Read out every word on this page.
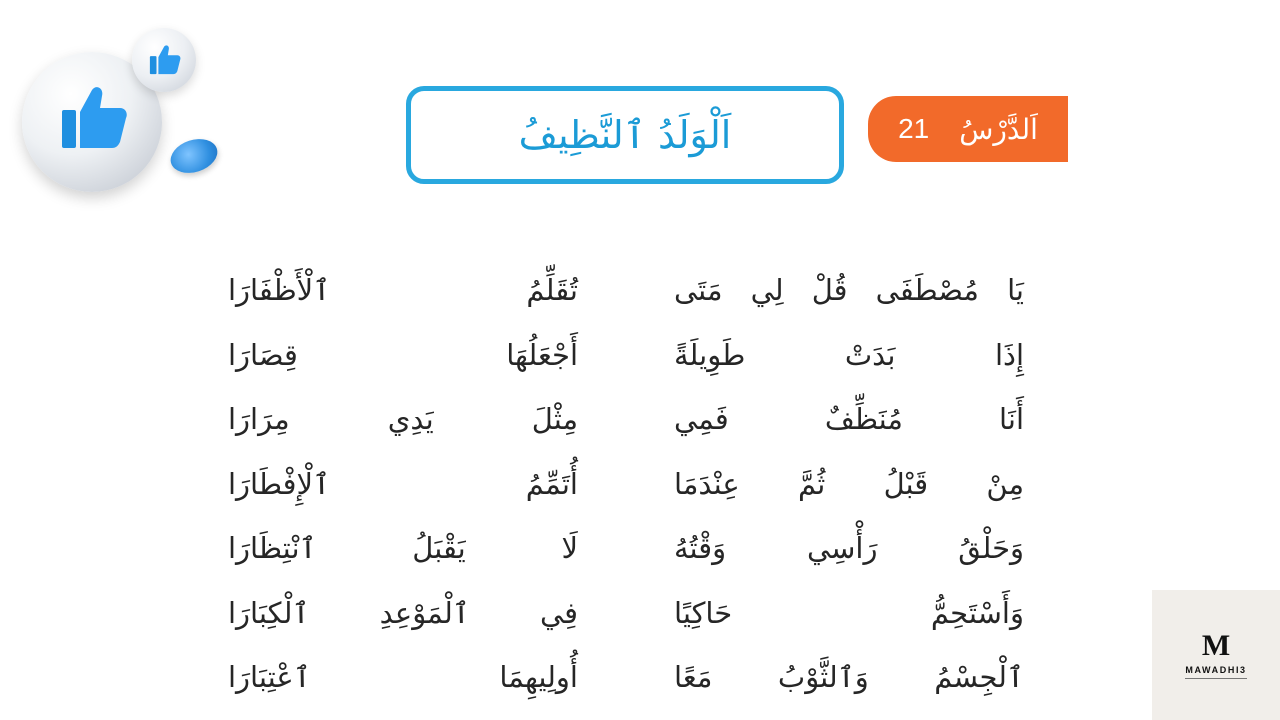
اَلدَّرْسُ
21
اَلْوَلَدُ ٱلنَّظِيفُ
يَا
مُصْطَفَى
قُلْ
لِي
مَتَى
تُقَلِّمُ
ٱلْأَظْفَارَا
إِذَا
بَدَتْ
طَوِيلَةً
أَجْعَلُهَا
قِصَارَا
أَنَا
مُنَظِّفٌ
فَمِي
مِثْلَ
يَدِي
مِرَارَا
مِنْ
قَبْلُ
ثُمَّ
عِنْدَمَا
أُتَمِّمُ
ٱلْإِفْطَارَا
وَحَلْقُ
رَأْسِي
وَقْتُهُ
لَا
يَقْبَلُ
ٱنْتِظَارَا
وَأَسْتَحِمُّ
حَاكِيًا
فِي
ٱلْمَوْعِدِ
ٱلْكِبَارَا
ٱلْجِسْمُ
وَٱلثَّوْبُ
مَعًا
أُولِيهِمَا
ٱعْتِبَارَا
M
MAWADHI3
